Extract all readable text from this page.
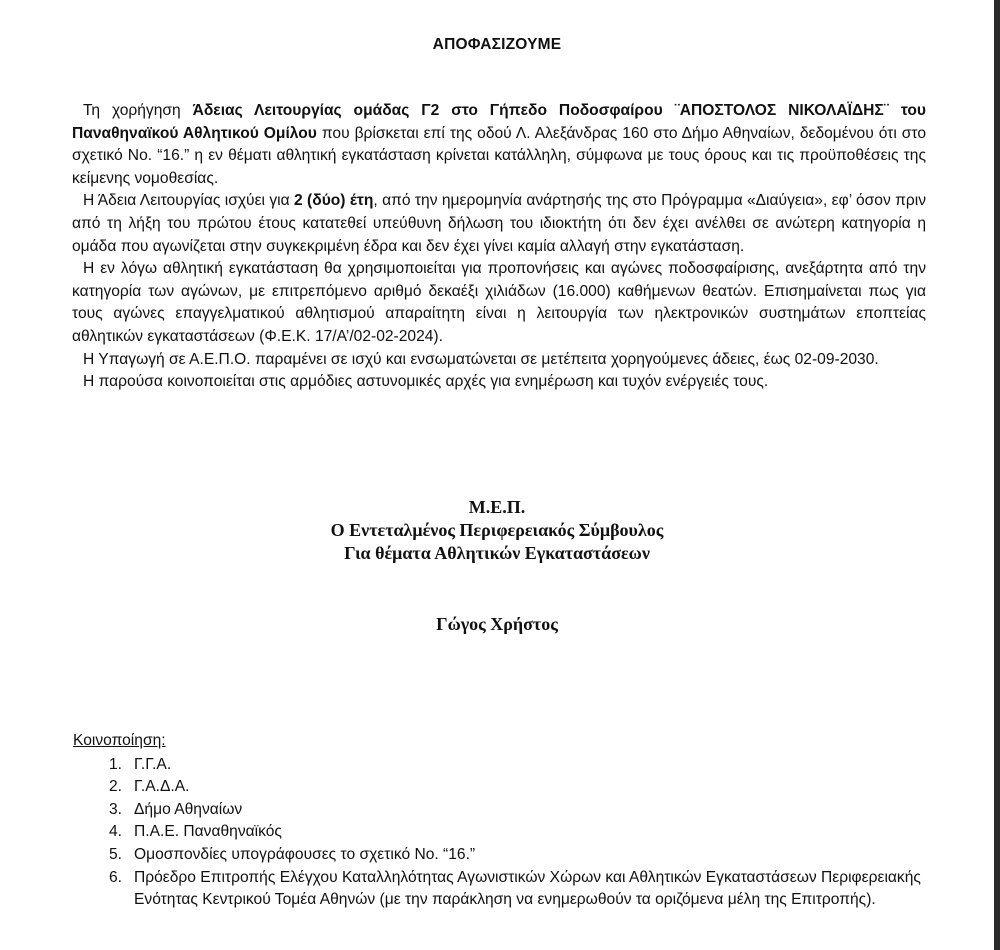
ΑΠΟΦΑΣΙΖΟΥΜΕ

Τη χορήγηση Άδειας Λειτουργίας ομάδας Γ2 στο Γήπεδο Ποδοσφαίρου ¨ΑΠΟΣΤΟΛΟΣ ΝΙΚΟΛΑΪΔΗΣ¨ του Παναθηναϊκού Αθλητικού Ομίλου που βρίσκεται επί της οδού Λ. Αλεξάνδρας 160 στο Δήμο Αθηναίων, δεδομένου ότι στο σχετικό Νο. “16.” η εν θέματι αθλητική εγκατάσταση κρίνεται κατάλληλη, σύμφωνα με τους όρους και τις προϋποθέσεις της κείμενης νομοθεσίας.

Η Άδεια Λειτουργίας ισχύει για 2 (δύο) έτη, από την ημερομηνία ανάρτησής της στο Πρόγραμμα «Διαύγεια», εφ’ όσον πριν από τη λήξη του πρώτου έτους κατατεθεί υπεύθυνη δήλωση του ιδιοκτήτη ότι δεν έχει ανέλθει σε ανώτερη κατηγορία η ομάδα που αγωνίζεται στην συγκεκριμένη έδρα και δεν έχει γίνει καμία αλλαγή στην εγκατάσταση.

Η εν λόγω αθλητική εγκατάσταση θα χρησιμοποιείται για προπονήσεις και αγώνες ποδοσφαίρισης, ανεξάρτητα από την κατηγορία των αγώνων, με επιτρεπόμενο αριθμό δεκαέξι χιλιάδων (16.000) καθήμενων θεατών. Επισημαίνεται πως για τους αγώνες επαγγελματικού αθλητισμού απαραίτητη είναι η λειτουργία των ηλεκτρονικών συστημάτων εποπτείας αθλητικών εγκαταστάσεων (Φ.Ε.Κ. 17/Α’/02-02-2024).

Η Υπαγωγή σε Α.Ε.Π.Ο. παραμένει σε ισχύ και ενσωματώνεται σε μετέπειτα χορηγούμενες άδειες, έως 02-09-2030.

Η παρούσα κοινοποιείται στις αρμόδιες αστυνομικές αρχές για ενημέρωση και τυχόν ενέργειές τους.

Μ.Ε.Π.
Ο Εντεταλμένος Περιφερειακός Σύμβουλος
Για θέματα Αθλητικών Εγκαταστάσεων
Γώγος Χρήστος
Κοινοποίηση:
1. Γ.Γ.Α.
2. Γ.Α.Δ.Α.
3. Δήμο Αθηναίων
4. Π.Α.Ε. Παναθηναϊκός
5. Ομοσπονδίες υπογράφουσες το σχετικό Νο. “16.”
6. Πρόεδρο Επιτροπής Ελέγχου Καταλληλότητας Αγωνιστικών Χώρων και Αθλητικών Εγκαταστάσεων Περιφερειακής Ενότητας Κεντρικού Τομέα Αθηνών (με την παράκληση να ενημερωθούν τα οριζόμενα μέλη της Επιτροπής).
